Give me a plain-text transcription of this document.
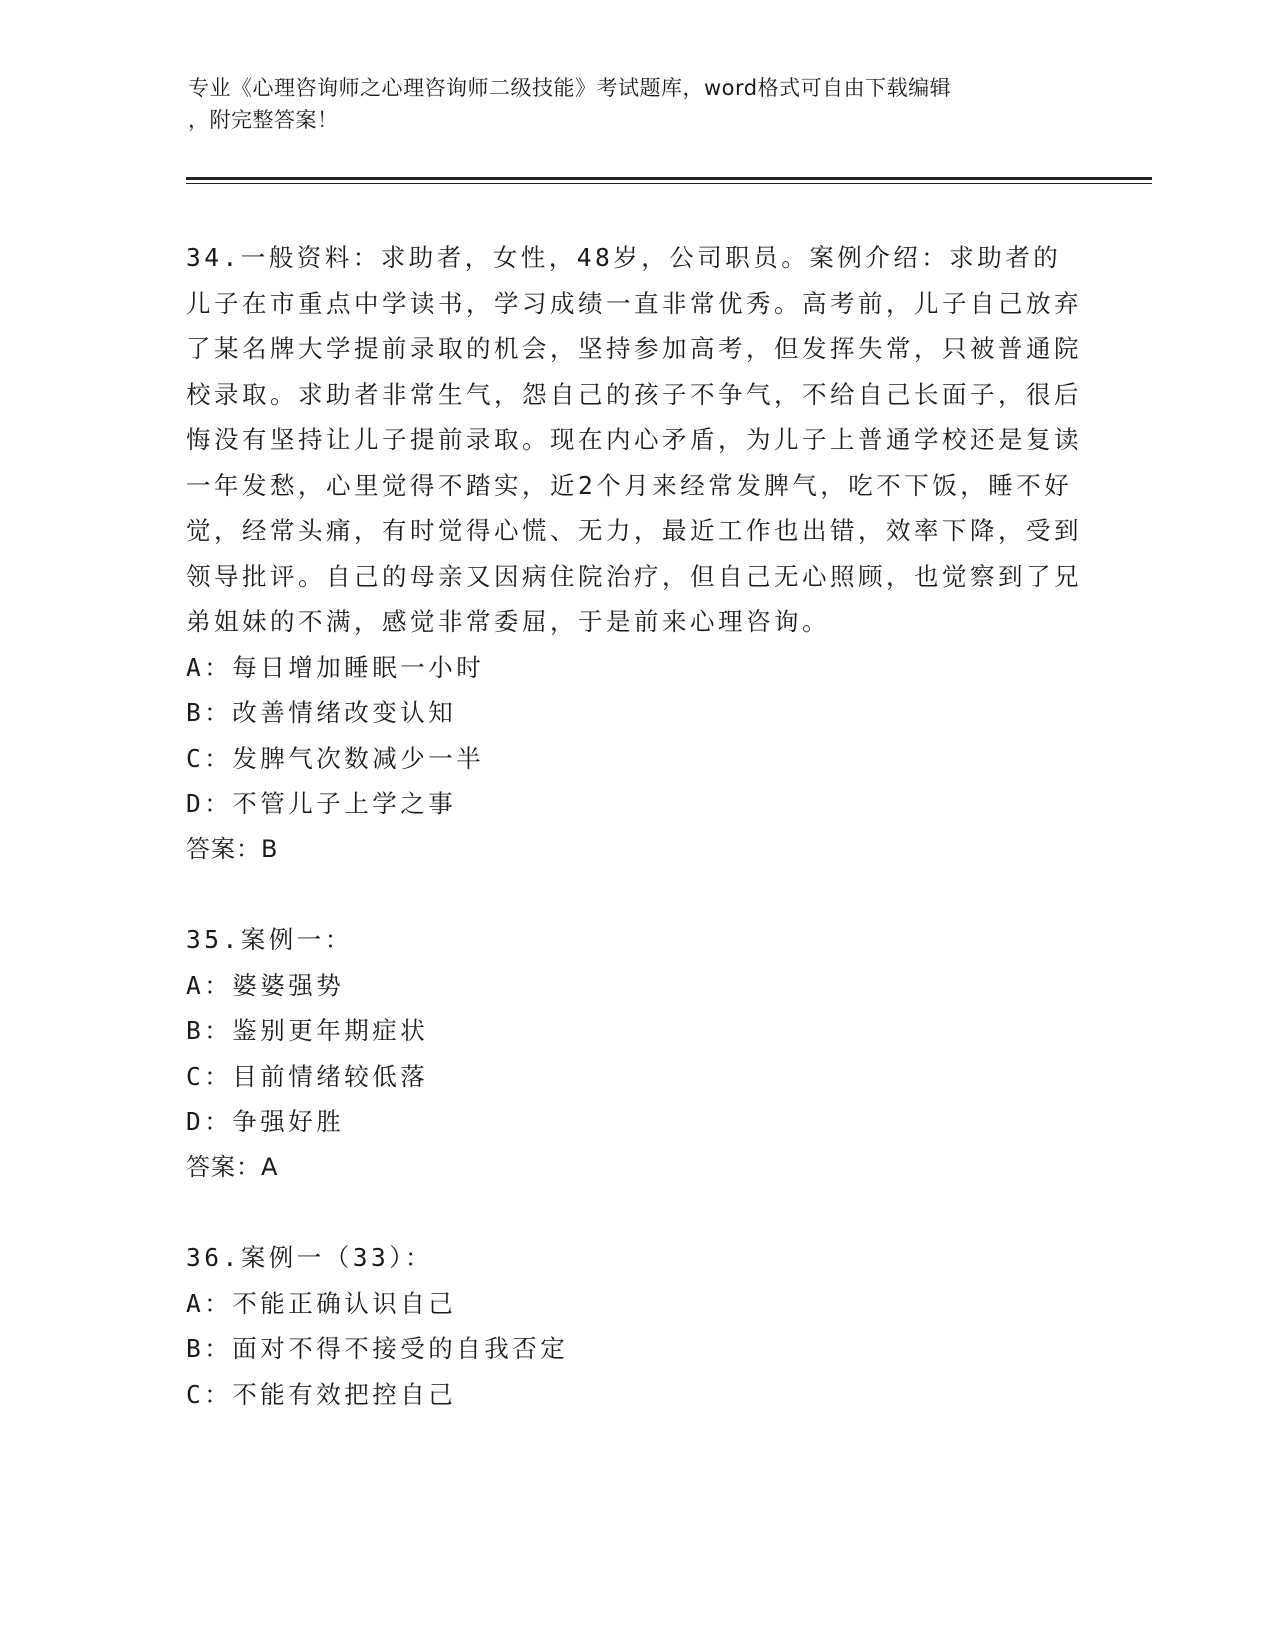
专业《心理咨询师之心理咨询师二级技能》考试题库，word格式可自由下载编辑
，附完整答案！

34.一般资料：求助者，女性，48岁，公司职员。案例介绍：求助者的儿子在市重点中学读书，学习成绩一直非常优秀。高考前，儿子自己放弃了某名牌大学提前录取的机会，坚持参加高考，但发挥失常，只被普通院校录取。求助者非常生气，怨自己的孩子不争气，不给自己长面子，很后悔没有坚持让儿子提前录取。现在内心矛盾，为儿子上普通学校还是复读一年发愁，心里觉得不踏实，近2个月来经常发脾气，吃不下饭，睡不好觉，经常头痛，有时觉得心慌、无力，最近工作也出错，效率下降，受到领导批评。自己的母亲又因病住院治疗，但自己无心照顾，也觉察到了兄弟姐妹的不满，感觉非常委屈，于是前来心理咨询。

A：每日增加睡眠一小时

B：改善情绪改变认知

C：发脾气次数减少一半

D：不管儿子上学之事

答案：B

35.案例一：

A：婆婆强势

B：鉴别更年期症状

C：目前情绪较低落

D：争强好胜

答案：A

36.案例一（33）：

A：不能正确认识自己

B：面对不得不接受的自我否定

C：不能有效把控自己
